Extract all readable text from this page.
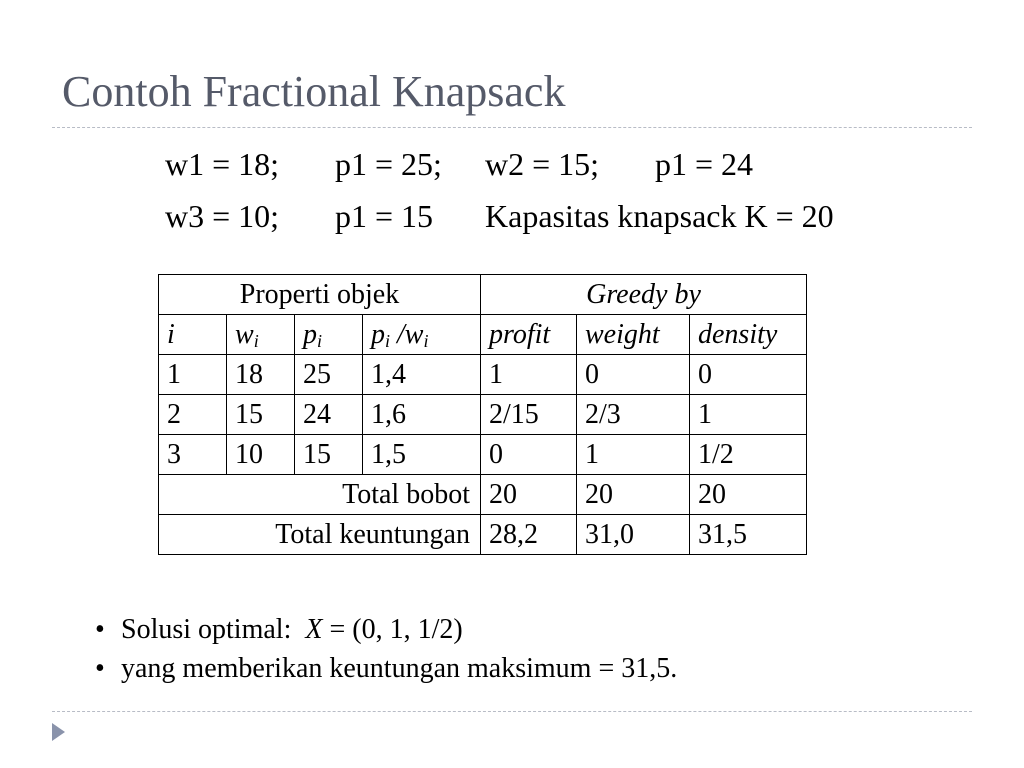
Contoh Fractional Knapsack
w1 = 18; p1 = 25; w2 = 15; p1 = 24
w3 = 10; p1 = 15 Kapasitas knapsack K = 20
Properti objek				Greedy by		
i	$w_i$	$p_i$	$p_i$ $/w_i$	profit	weight	density
1	18	25	1,4	1	0	0
2	15	24	1,6	2/15	2/3	1
3	10	15	1,5	0	1	1/2
Total bobot				20	20	20
Total keuntungan				28,2	31,0	31,5
• Solusi optimal:  X = (0, 1, 1/2)
• yang memberikan keuntungan maksimum = 31,5.
